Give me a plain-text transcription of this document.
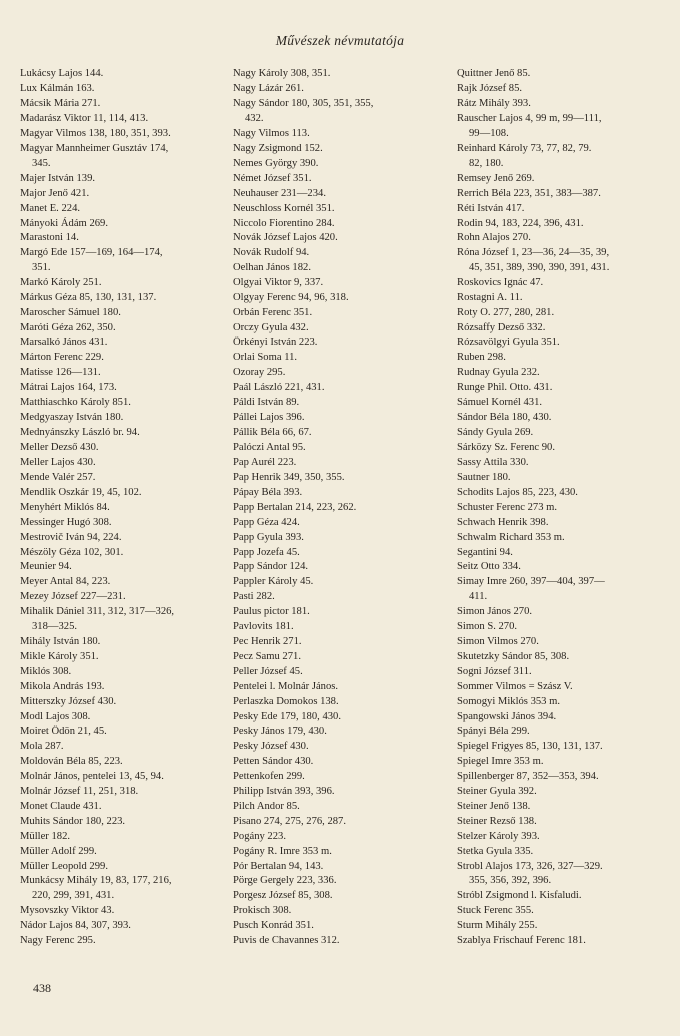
Művészek névmutatója
Lukácsy Lajos 144.
Lux Kálmán 163.
Mácsik Mária 271.
Madarász Viktor 11, 114, 413.
Magyar Vilmos 138, 180, 351, 393.
Magyar Mannheimer Gusztáv 174,
345.
Majer István 139.
Major Jenő 421.
Manet E. 224.
Mányoki Ádám 269.
Marastoni 14.
Margó Ede 157—169, 164—174,
351.
Markó Károly 251.
Márkus Géza 85, 130, 131, 137.
Maroscher Sámuel 180.
Maróti Géza 262, 350.
Marsalkó János 431.
Márton Ferenc 229.
Matisse 126—131.
Mátrai Lajos 164, 173.
Matthiaschko Károly 851.
Medgyaszay István 180.
Mednyánszky László br. 94.
Meller Dezső 430.
Meller Lajos 430.
Mende Valér 257.
Mendlik Oszkár 19, 45, 102.
Menyhért Miklós 84.
Messinger Hugó 308.
Mestrovič Iván 94, 224.
Mészöly Géza 102, 301.
Meunier 94.
Meyer Antal 84, 223.
Mezey József 227—231.
Mihalik Dániel 311, 312, 317—326,
318—325.
Mihály István 180.
Mikle Károly 351.
Miklós 308.
Mikola András 193.
Mitterszky József 430.
Modl Lajos 308.
Moiret Ödön 21, 45.
Mola 287.
Moldován Béla 85, 223.
Molnár János, pentelei 13, 45, 94.
Molnár József 11, 251, 318.
Monet Claude 431.
Muhits Sándor 180, 223.
Müller 182.
Müller Adolf 299.
Müller Leopold 299.
Munkácsy Mihály 19, 83, 177, 216,
220, 299, 391, 431.
Mysovszky Viktor 43.
Nádor Lajos 84, 307, 393.
Nagy Ferenc 295.
Nagy Károly 308, 351.
Nagy Lázár 261.
Nagy Sándor 180, 305, 351, 355,
432.
Nagy Vilmos 113.
Nagy Zsigmond 152.
Nemes György 390.
Német József 351.
Neuhauser 231—234.
Neuschloss Kornél 351.
Niccolo Fiorentino 284.
Novák József Lajos 420.
Novák Rudolf 94.
Oelhan János 182.
Olgyai Viktor 9, 337.
Olgyay Ferenc 94, 96, 318.
Orbán Ferenc 351.
Orczy Gyula 432.
Örkényi István 223.
Orlai Soma 11.
Ozoray 295.
Paál László 221, 431.
Páldi István 89.
Pállei Lajos 396.
Pállik Béla 66, 67.
Palóczi Antal 95.
Pap Aurél 223.
Pap Henrik 349, 350, 355.
Pápay Béla 393.
Papp Bertalan 214, 223, 262.
Papp Géza 424.
Papp Gyula 393.
Papp Jozefa 45.
Papp Sándor 124.
Pappler Károly 45.
Pasti 282.
Paulus pictor 181.
Pavlovits 181.
Pec Henrik 271.
Pecz Samu 271.
Peller József 45.
Pentelei l. Molnár János.
Perlaszka Domokos 138.
Pesky Ede 179, 180, 430.
Pesky János 179, 430.
Pesky József 430.
Petten Sándor 430.
Pettenkofen 299.
Philipp István 393, 396.
Pilch Andor 85.
Pisano 274, 275, 276, 287.
Pogány 223.
Pogány R. Imre 353 m.
Pór Bertalan 94, 143.
Pörge Gergely 223, 336.
Porgesz József 85, 308.
Prokisch 308.
Pusch Konrád 351.
Puvis de Chavannes 312.
Quittner Jenő 85.
Rajk József 85.
Rátz Mihály 393.
Rauscher Lajos 4, 99 m, 99—111,
99—108.
Reinhard Károly 73, 77, 82, 79.
82, 180.
Remsey Jenő 269.
Rerrich Béla 223, 351, 383—387.
Réti István 417.
Rodin 94, 183, 224, 396, 431.
Rohn Alajos 270.
Róna József 1, 23—36, 24—35, 39,
45, 351, 389, 390, 390, 391, 431.
Roskovics Ignác 47.
Rostagni A. 11.
Roty O. 277, 280, 281.
Rózsaffy Dezső 332.
Rózsavölgyi Gyula 351.
Ruben 298.
Rudnay Gyula 232.
Runge Phil. Otto. 431.
Sámuel Kornél 431.
Sándor Béla 180, 430.
Sándy Gyula 269.
Sárközy Sz. Ferenc 90.
Sassy Attila 330.
Sautner 180.
Schodits Lajos 85, 223, 430.
Schuster Ferenc 273 m.
Schwach Henrik 398.
Schwalm Richard 353 m.
Segantini 94.
Seitz Otto 334.
Simay Imre 260, 397—404, 397—
411.
Simon János 270.
Simon S. 270.
Simon Vilmos 270.
Skutetzky Sándor 85, 308.
Sogni József 311.
Sommer Vilmos = Szász V.
Somogyi Miklós 353 m.
Spangowski János 394.
Spányi Béla 299.
Spiegel Frigyes 85, 130, 131, 137.
Spiegel Imre 353 m.
Spillenberger 87, 352—353, 394.
Steiner Gyula 392.
Steiner Jenő 138.
Steiner Rezső 138.
Stelzer Károly 393.
Stetka Gyula 335.
Strobl Alajos 173, 326, 327—329.
355, 356, 392, 396.
Stróbl Zsigmond l. Kisfaludi.
Stuck Ferenc 355.
Sturm Mihály 255.
Szablya Frischauf Ferenc 181.
438
